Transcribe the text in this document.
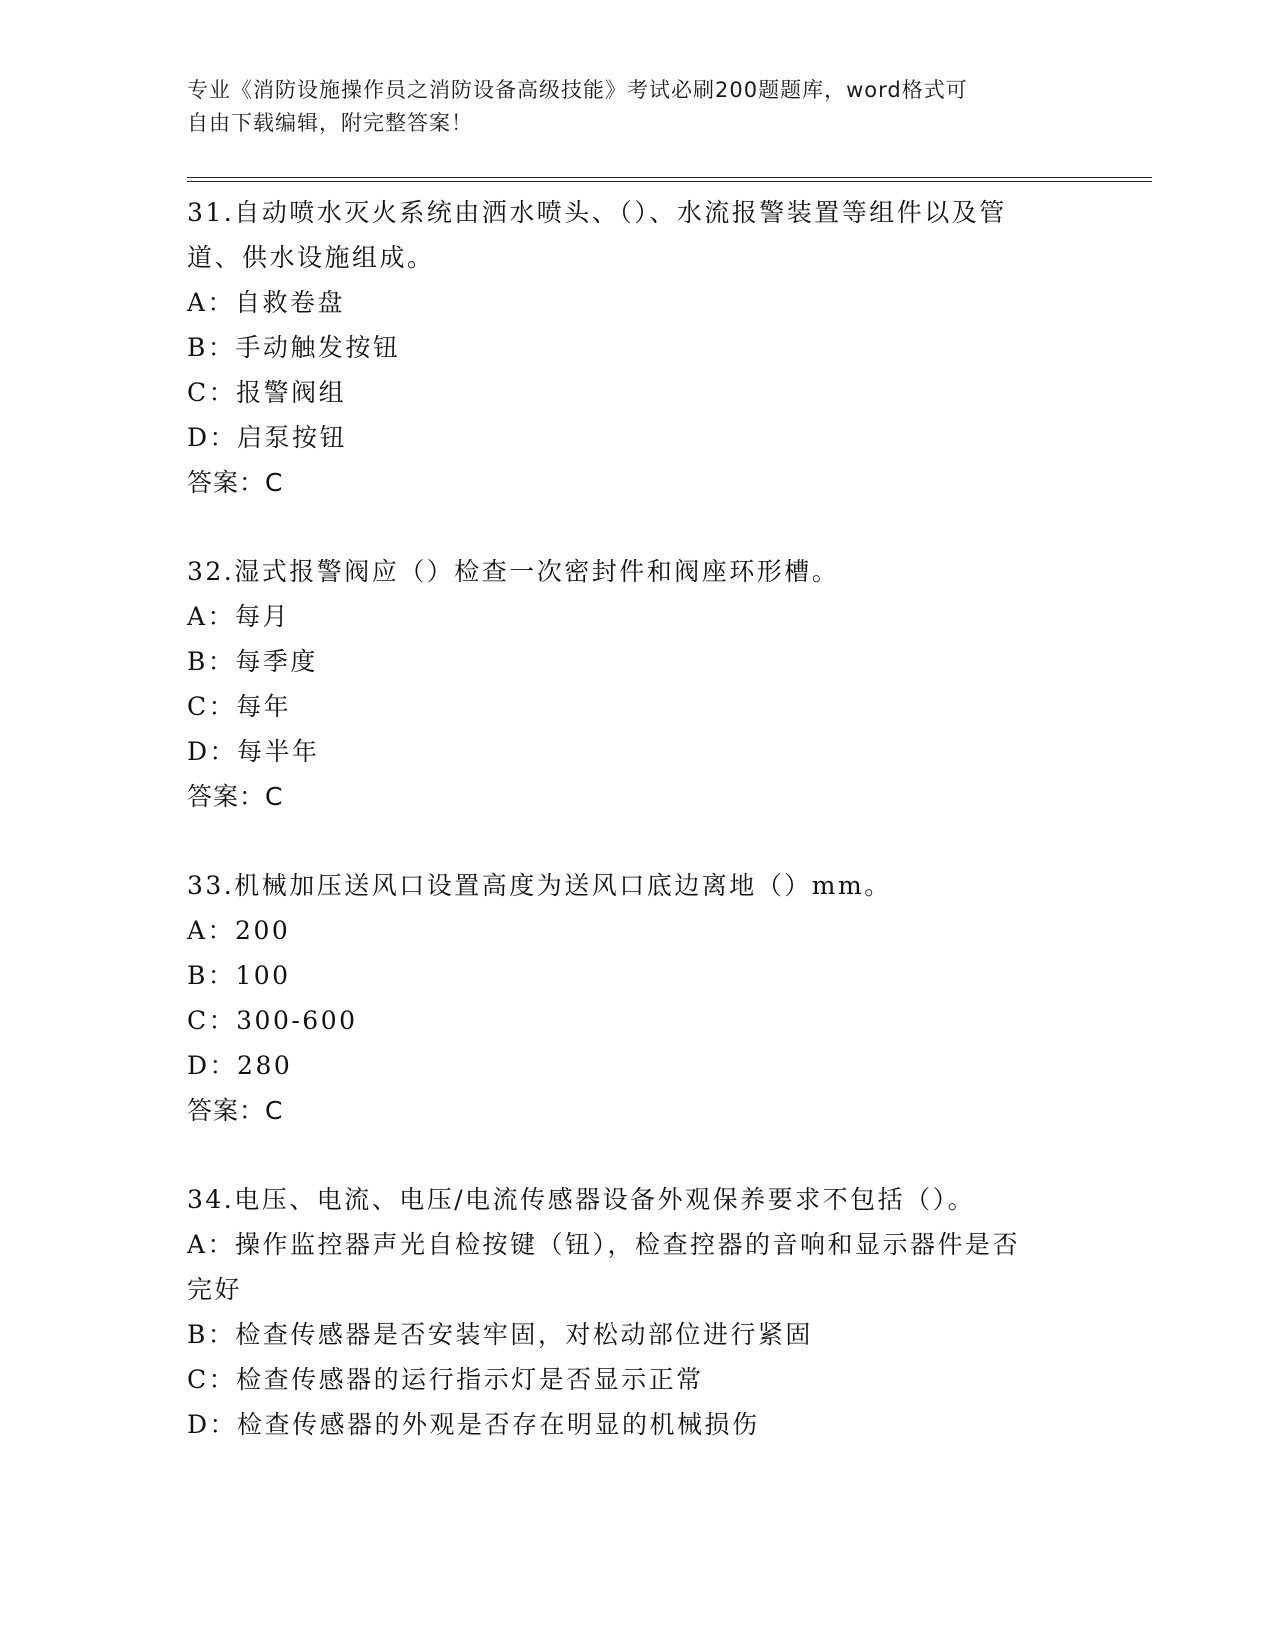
专业《消防设施操作员之消防设备高级技能》考试必刷200题题库，word格式可
自由下载编辑，附完整答案！
31.自动喷水灭火系统由洒水喷头、（）、水流报警装置等组件以及管
道、供水设施组成。
A：自救卷盘
B：手动触发按钮
C：报警阀组
D：启泵按钮
答案：C
32.湿式报警阀应（）检查一次密封件和阀座环形槽。
A：每月
B：每季度
C：每年
D：每半年
答案：C
33.机械加压送风口设置高度为送风口底边离地（）mm。
A：200
B：100
C：300-600
D：280
答案：C
34.电压、电流、电压/电流传感器设备外观保养要求不包括（）。
A：操作监控器声光自检按键（钮），检查控器的音响和显示器件是否
完好
B：检查传感器是否安装牢固，对松动部位进行紧固
C：检查传感器的运行指示灯是否显示正常
D：检查传感器的外观是否存在明显的机械损伤
